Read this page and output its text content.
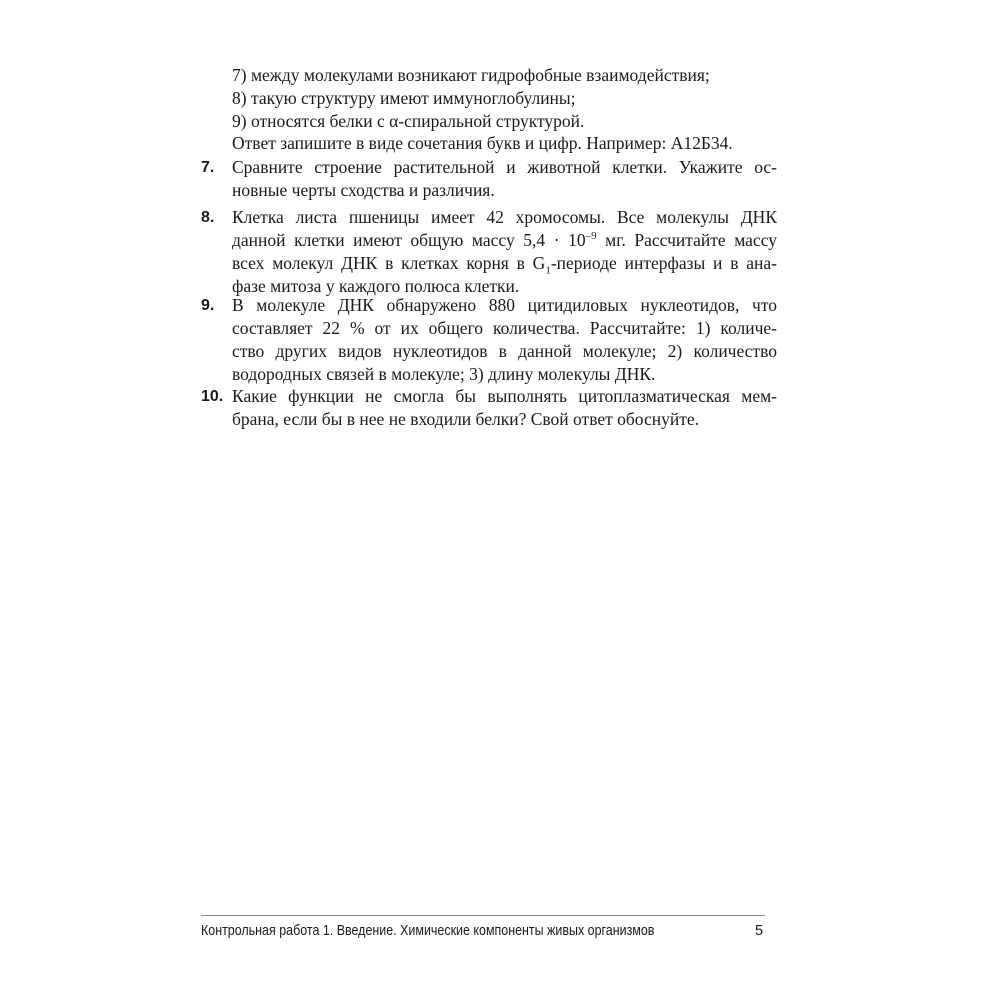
7) между молекулами возникают гидрофобные взаимодействия;
8) такую структуру имеют иммуноглобулины;
9) относятся белки с α-спиральной структурой.
Ответ запишите в виде сочетания букв и цифр. Например: А12Б34.
7. Сравните строение растительной и животной клетки. Укажите ос-
новные черты сходства и различия.
8. Клетка листа пшеницы имеет 42 хромосомы. Все молекулы ДНК
данной клетки имеют общую массу $5,4 \cdot 10^{-9}$ мг. Рассчитайте массу
всех молекул ДНК в клетках корня в $G_1$-периоде интерфазы и в ана-
фазе митоза у каждого полюса клетки.
9. В молекуле ДНК обнаружено 880 цитидиловых нуклеотидов, что
составляет 22 % от их общего количества. Рассчитайте: 1) количе-
ство других видов нуклеотидов в данной молекуле; 2) количество
водородных связей в молекуле; 3) длину молекулы ДНК.
10. Какие функции не смогла бы выполнять цитоплазматическая мем-
брана, если бы в нее не входили белки? Свой ответ обоснуйте.
Контрольная работа 1. Введение. Химические компоненты живых организмов	5
